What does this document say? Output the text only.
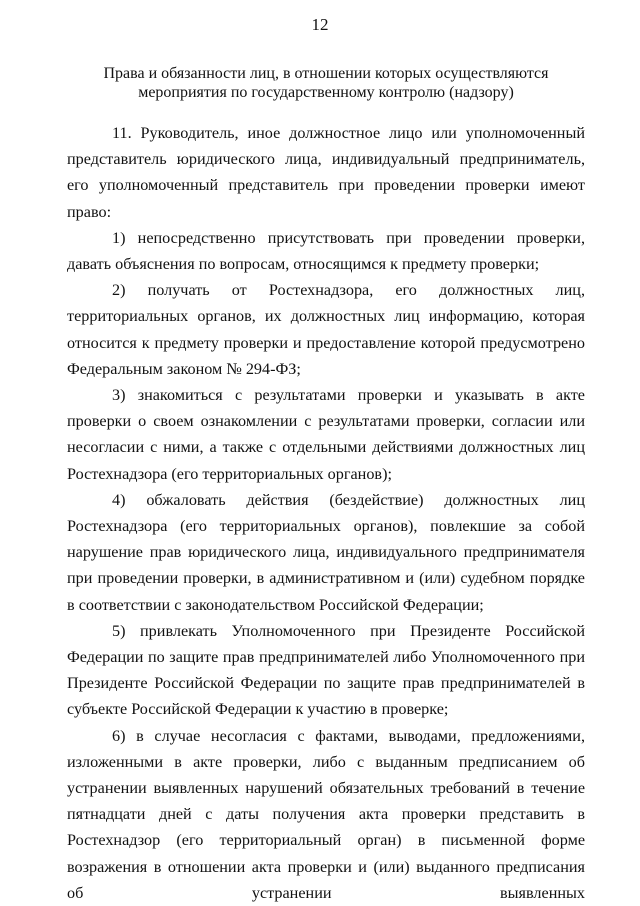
12
Права и обязанности лиц, в отношении которых осуществляются мероприятия по государственному контролю (надзору)

11. Руководитель, иное должностное лицо или уполномоченный представитель юридического лица, индивидуальный предприниматель, его уполномоченный представитель при проведении проверки имеют право:

1) непосредственно присутствовать при проведении проверки, давать объяснения по вопросам, относящимся к предмету проверки;

2) получать от Ростехнадзора, его должностных лиц, территориальных органов, их должностных лиц информацию, которая относится к предмету проверки и предоставление которой предусмотрено Федеральным законом № 294-ФЗ;

3) знакомиться с результатами проверки и указывать в акте проверки о своем ознакомлении с результатами проверки, согласии или несогласии с ними, а также с отдельными действиями должностных лиц Ростехнадзора (его территориальных органов);

4) обжаловать действия (бездействие) должностных лиц Ростехнадзора (его территориальных органов), повлекшие за собой нарушение прав юридического лица, индивидуального предпринимателя при проведении проверки, в административном и (или) судебном порядке в соответствии с законодательством Российской Федерации;

5) привлекать Уполномоченного при Президенте Российской Федерации по защите прав предпринимателей либо Уполномоченного при Президенте Российской Федерации по защите прав предпринимателей в субъекте Российской Федерации к участию в проверке;

6) в случае несогласия с фактами, выводами, предложениями, изложенными в акте проверки, либо с выданным предписанием об устранении выявленных нарушений обязательных требований в течение пятнадцати дней с даты получения акта проверки представить в Ростехнадзор (его территориальный орган) в письменной форме возражения в отношении акта проверки и (или) выданного предписания об устранении выявленных
